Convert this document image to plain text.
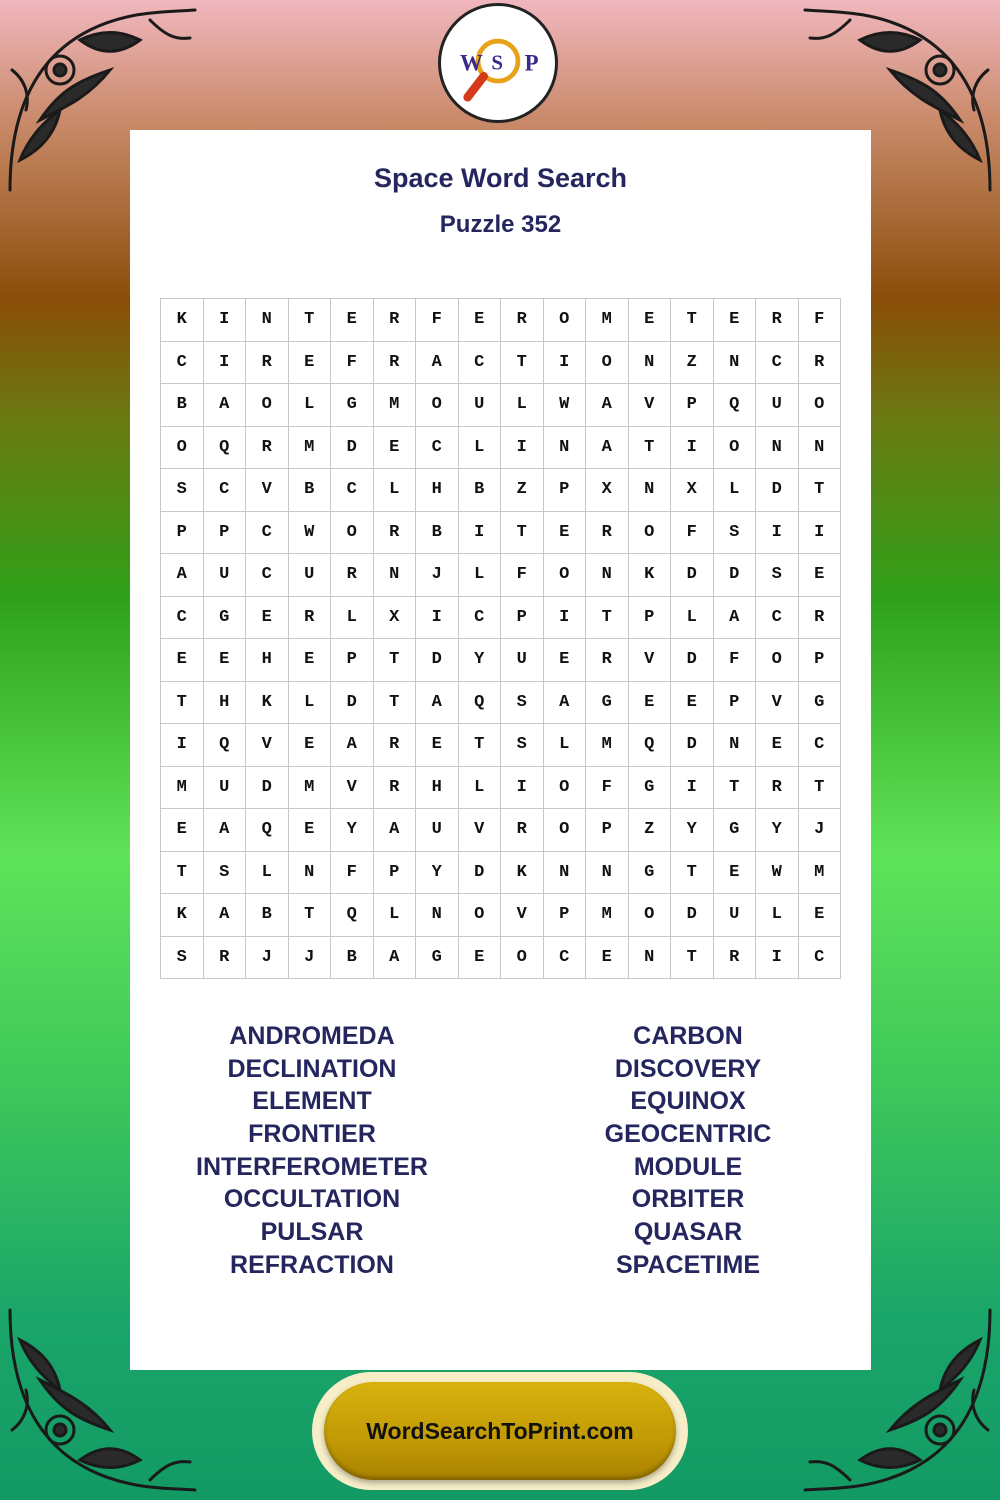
W S P
Space Word Search
Puzzle 352
K	I	N	T	E	R	F	E	R	O	M	E	T	E	R	F
C	I	R	E	F	R	A	C	T	I	O	N	Z	N	C	R
B	A	O	L	G	M	O	U	L	W	A	V	P	Q	U	O
O	Q	R	M	D	E	C	L	I	N	A	T	I	O	N	N
S	C	V	B	C	L	H	B	Z	P	X	N	X	L	D	T
P	P	C	W	O	R	B	I	T	E	R	O	F	S	I	I
A	U	C	U	R	N	J	L	F	O	N	K	D	D	S	E
C	G	E	R	L	X	I	C	P	I	T	P	L	A	C	R
E	E	H	E	P	T	D	Y	U	E	R	V	D	F	O	P
T	H	K	L	D	T	A	Q	S	A	G	E	E	P	V	G
I	Q	V	E	A	R	E	T	S	L	M	Q	D	N	E	C
M	U	D	M	V	R	H	L	I	O	F	G	I	T	R	T
E	A	Q	E	Y	A	U	V	R	O	P	Z	Y	G	Y	J
T	S	L	N	F	P	Y	D	K	N	N	G	T	E	W	M
K	A	B	T	Q	L	N	O	V	P	M	O	D	U	L	E
S	R	J	J	B	A	G	E	O	C	E	N	T	R	I	C
ANDROMEDA
DECLINATION
ELEMENT
FRONTIER
INTERFEROMETER
OCCULTATION
PULSAR
REFRACTION
CARBON
DISCOVERY
EQUINOX
GEOCENTRIC
MODULE
ORBITER
QUASAR
SPACETIME
WordSearchToPrint.com
